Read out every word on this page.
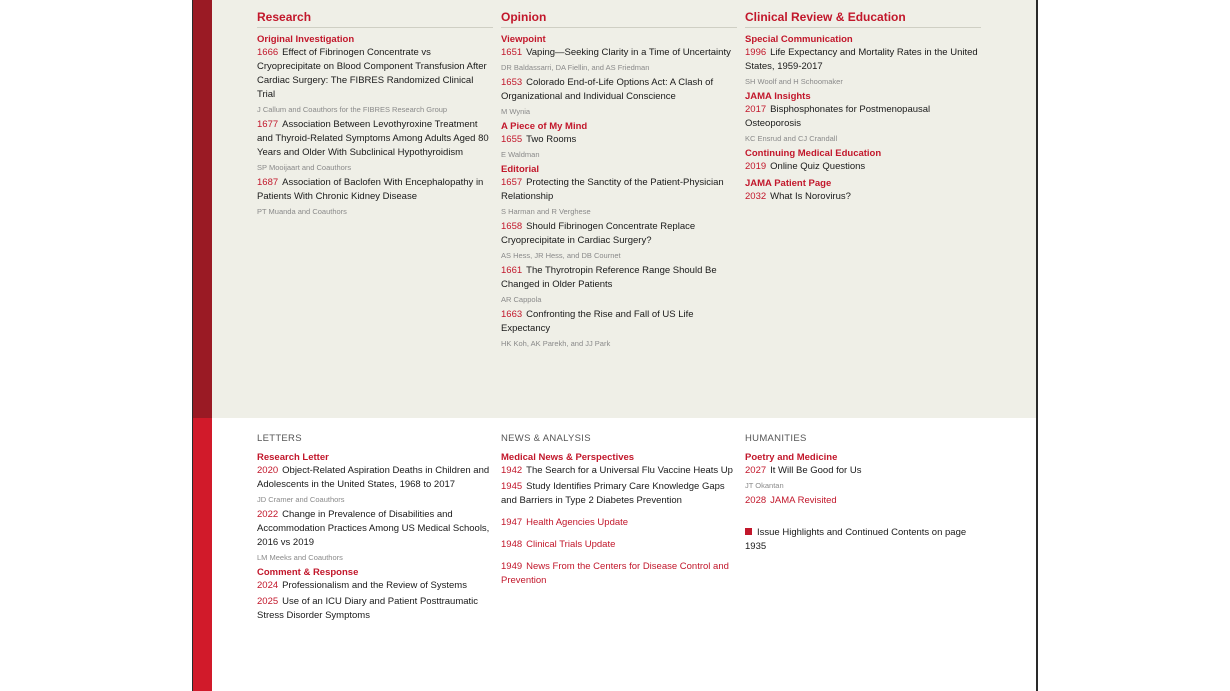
Research
Original Investigation
1666 Effect of Fibrinogen Concentrate vs Cryoprecipitate on Blood Component Transfusion After Cardiac Surgery: The FIBRES Randomized Clinical Trial
J Callum and Coauthors for the FIBRES Research Group
1677 Association Between Levothyroxine Treatment and Thyroid-Related Symptoms Among Adults Aged 80 Years and Older With Subclinical Hypothyroidism
SP Mooijaart and Coauthors
1687 Association of Baclofen With Encephalopathy in Patients With Chronic Kidney Disease
PT Muanda and Coauthors
Opinion
Viewpoint
1651 Vaping—Seeking Clarity in a Time of Uncertainty
DR Baldassarri, DA Fiellin, and AS Friedman
1653 Colorado End-of-Life Options Act: A Clash of Organizational and Individual Conscience
M Wynia
A Piece of My Mind
1655 Two Rooms
E Waldman
Editorial
1657 Protecting the Sanctity of the Patient-Physician Relationship
S Harman and R Verghese
1658 Should Fibrinogen Concentrate Replace Cryoprecipitate in Cardiac Surgery?
AS Hess, JR Hess, and DB Cournet
1661 The Thyrotropin Reference Range Should Be Changed in Older Patients
AR Cappola
1663 Confronting the Rise and Fall of US Life Expectancy
HK Koh, AK Parekh, and JJ Park
Clinical Review & Education
Special Communication
1996 Life Expectancy and Mortality Rates in the United States, 1959-2017
SH Woolf and H Schoomaker
JAMA Insights
2017 Bisphosphonates for Postmenopausal Osteoporosis
KC Ensrud and CJ Crandall
Continuing Medical Education
2019 Online Quiz Questions
JAMA Patient Page
2032 What Is Norovirus?
LETTERS
Research Letter
2020 Object-Related Aspiration Deaths in Children and Adolescents in the United States, 1968 to 2017
JD Cramer and Coauthors
2022 Change in Prevalence of Disabilities and Accommodation Practices Among US Medical Schools, 2016 vs 2019
LM Meeks and Coauthors
Comment & Response
2024 Professionalism and the Review of Systems
2025 Use of an ICU Diary and Patient Posttraumatic Stress Disorder Symptoms
NEWS & ANALYSIS
Medical News & Perspectives
1942 The Search for a Universal Flu Vaccine Heats Up
1945 Study Identifies Primary Care Knowledge Gaps and Barriers in Type 2 Diabetes Prevention
1947 Health Agencies Update
1948 Clinical Trials Update
1949 News From the Centers for Disease Control and Prevention
HUMANITIES
Poetry and Medicine
2027 It Will Be Good for Us
JT Okantan
2028 JAMA Revisited
Issue Highlights and Continued Contents on page 1935
